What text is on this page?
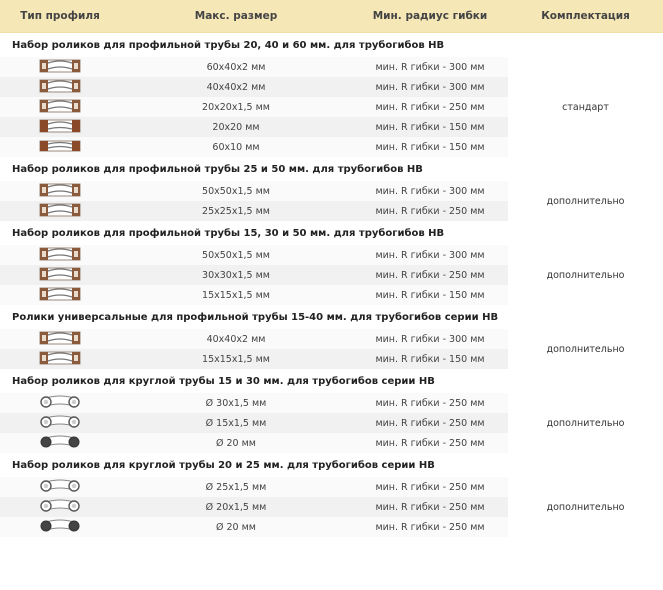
Тип профиля	Макс. размер	Мин. радиус гибки	Комплектация
Набор роликов для профильной трубы 20, 40 и 60 мм. для трубогибов НВ			
	60х40х2 мм	мин. R гибки - 300 мм	стандарт
	40х40х2 мм	мин. R гибки - 300 мм	
	20х20х1,5 мм	мин. R гибки - 250 мм	
	20х20 мм	мин. R гибки - 150 мм	
	60х10 мм	мин. R гибки - 150 мм	
Набор роликов для профильной трубы 25 и 50 мм. для трубогибов НВ			
	50х50х1,5 мм	мин. R гибки - 300 мм	дополнительно
	25х25х1,5 мм	мин. R гибки - 250 мм	
Набор роликов для профильной трубы 15, 30 и 50 мм. для трубогибов НВ			
	50х50х1,5 мм	мин. R гибки - 300 мм	дополнительно
	30х30х1,5 мм	мин. R гибки - 250 мм	
	15х15х1,5 мм	мин. R гибки - 150 мм	
Ролики универсальные для профильной трубы 15-40 мм. для трубогибов серии НВ			
	40х40х2 мм	мин. R гибки - 300 мм	дополнительно
	15х15х1,5 мм	мин. R гибки - 150 мм	
Набор роликов для круглой трубы 15 и 30 мм. для трубогибов серии НВ			
	Ø 30х1,5 мм	мин. R гибки - 250 мм	дополнительно
	Ø 15х1,5 мм	мин. R гибки - 250 мм	
	Ø 20 мм	мин. R гибки - 250 мм	
Набор роликов для круглой трубы 20 и 25 мм. для трубогибов серии НВ			
	Ø 25х1,5 мм	мин. R гибки - 250 мм	дополнительно
	Ø 20х1,5 мм	мин. R гибки - 250 мм	
	Ø 20 мм	мин. R гибки - 250 мм	
